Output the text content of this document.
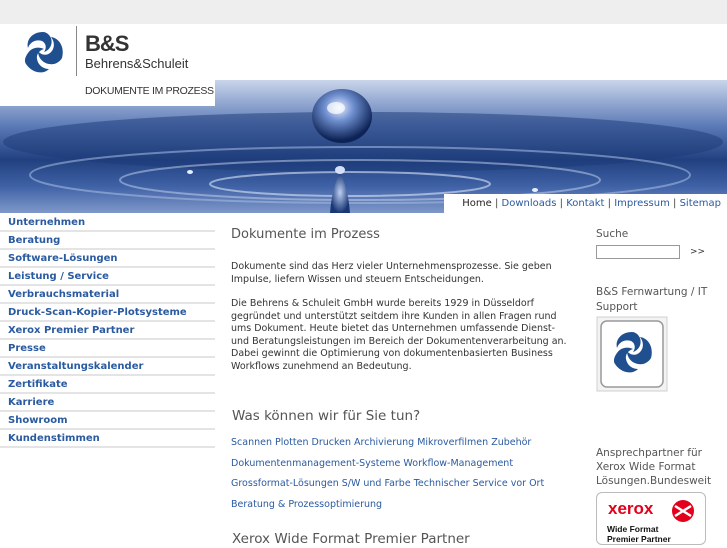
B&S
Behrens&Schuleit
DOKUMENTE IM PROZESS
Home | Downloads | Kontakt | Impressum | Sitemap
Unternehmen
Beratung
Software-Lösungen
Leistung / Service
Verbrauchsmaterial
Druck-Scan-Kopier-Plotsysteme
Xerox Premier Partner
Presse
Veranstaltungskalender
Zertifikate
Karriere
Showroom
Kundenstimmen
Dokumente im Prozess

Dokumente sind das Herz vieler Unternehmensprozesse. Sie geben Impulse, liefern Wissen und steuern Entscheidungen.

Die Behrens & Schuleit GmbH wurde bereits 1929 in Düsseldorf gegründet und unterstützt seitdem ihre Kunden in allen Fragen rund ums Dokument. Heute bietet das Unternehmen umfassende Dienst- und Beratungsleistungen im Bereich der Dokumentenverarbeitung an. Dabei gewinnt die Optimierung von dokumentenbasierten Business Workflows zunehmend an Bedeutung.

Was können wir für Sie tun?
Scannen Plotten Drucken Archivierung Mikroverfilmen Zubehör
Dokumentenmanagement-Systeme Workflow-Management
Grossformat-Lösungen S/W und Farbe Technischer Service vor Ort
Beratung & Prozessoptimierung
Xerox Wide Format Premier Partner
Suche
B&S Fernwartung / IT Support
Ansprechpartner für Xerox Wide Format Lösungen.Bundesweit
>>
xerox
Wide Format
Premier Partner
